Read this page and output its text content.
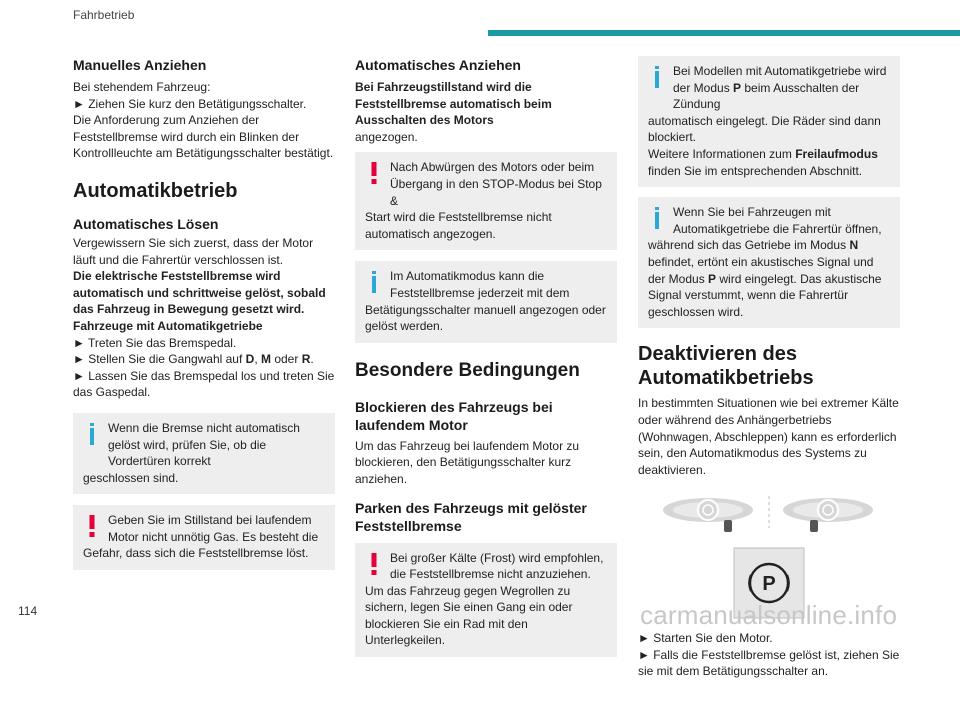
Fahrbetrieb
Manuelles Anziehen

Bei stehendem Fahrzeug:

► Ziehen Sie kurz den Betätigungsschalter.

Die Anforderung zum Anziehen der Feststellbremse wird durch ein Blinken der Kontrollleuchte am Betätigungsschalter bestätigt.

Automatikbetrieb
Automatisches Lösen

Vergewissern Sie sich zuerst, dass der Motor läuft und die Fahrertür verschlossen ist.

Die elektrische Feststellbremse wird automatisch und schrittweise gelöst, sobald das Fahrzeug in Bewegung gesetzt wird.

Fahrzeuge mit Automatikgetriebe

► Treten Sie das Bremspedal.

► Stellen Sie die Gangwahl auf D, M oder R.

► Lassen Sie das Bremspedal los und treten Sie das Gaspedal.

Wenn die Bremse nicht automatisch gelöst wird, prüfen Sie, ob die Vordertüren korrekt
geschlossen sind.
Geben Sie im Stillstand bei laufendem Motor nicht unnötig Gas. Es besteht die
Gefahr, dass sich die Feststellbremse löst.
Automatisches Anziehen

Bei Fahrzeugstillstand wird die Feststellbremse automatisch beim Ausschalten des Motors

angezogen.

Nach Abwürgen des Motors oder beim Übergang in den STOP-Modus bei Stop &
Start wird die Feststellbremse nicht automatisch angezogen.
Im Automatikmodus kann die Feststellbremse jederzeit mit dem
Betätigungsschalter manuell angezogen oder gelöst werden.
Besondere Bedingungen
Blockieren des Fahrzeugs bei laufendem Motor

Um das Fahrzeug bei laufendem Motor zu blockieren, den Betätigungsschalter kurz anziehen.

Parken des Fahrzeugs mit gelöster Feststellbremse
Bei großer Kälte (Frost) wird empfohlen, die Feststellbremse nicht anzuziehen.
Um das Fahrzeug gegen Wegrollen zu sichern, legen Sie einen Gang ein oder blockieren Sie ein Rad mit den Unterlegkeilen.
Bei Modellen mit Automatikgetriebe wird der Modus P beim Ausschalten der Zündung
automatisch eingelegt. Die Räder sind dann blockiert.
Weitere Informationen zum Freilaufmodus finden Sie im entsprechenden Abschnitt.
Wenn Sie bei Fahrzeugen mit Automatikgetriebe die Fahrertür öffnen,
während sich das Getriebe im Modus N befindet, ertönt ein akustisches Signal und der Modus P wird eingelegt. Das akustische Signal verstummt, wenn die Fahrertür geschlossen wird.
Deaktivieren des Automatikbetriebs

In bestimmten Situationen wie bei extremer Kälte oder während des Anhängerbetriebs (Wohnwagen, Abschleppen) kann es erforderlich sein, den Automatikmodus des Systems zu deaktivieren.

P

► Starten Sie den Motor.

► Falls die Feststellbremse gelöst ist, ziehen Sie sie mit dem Betätigungsschalter an.

114	carmanualsonline.info
